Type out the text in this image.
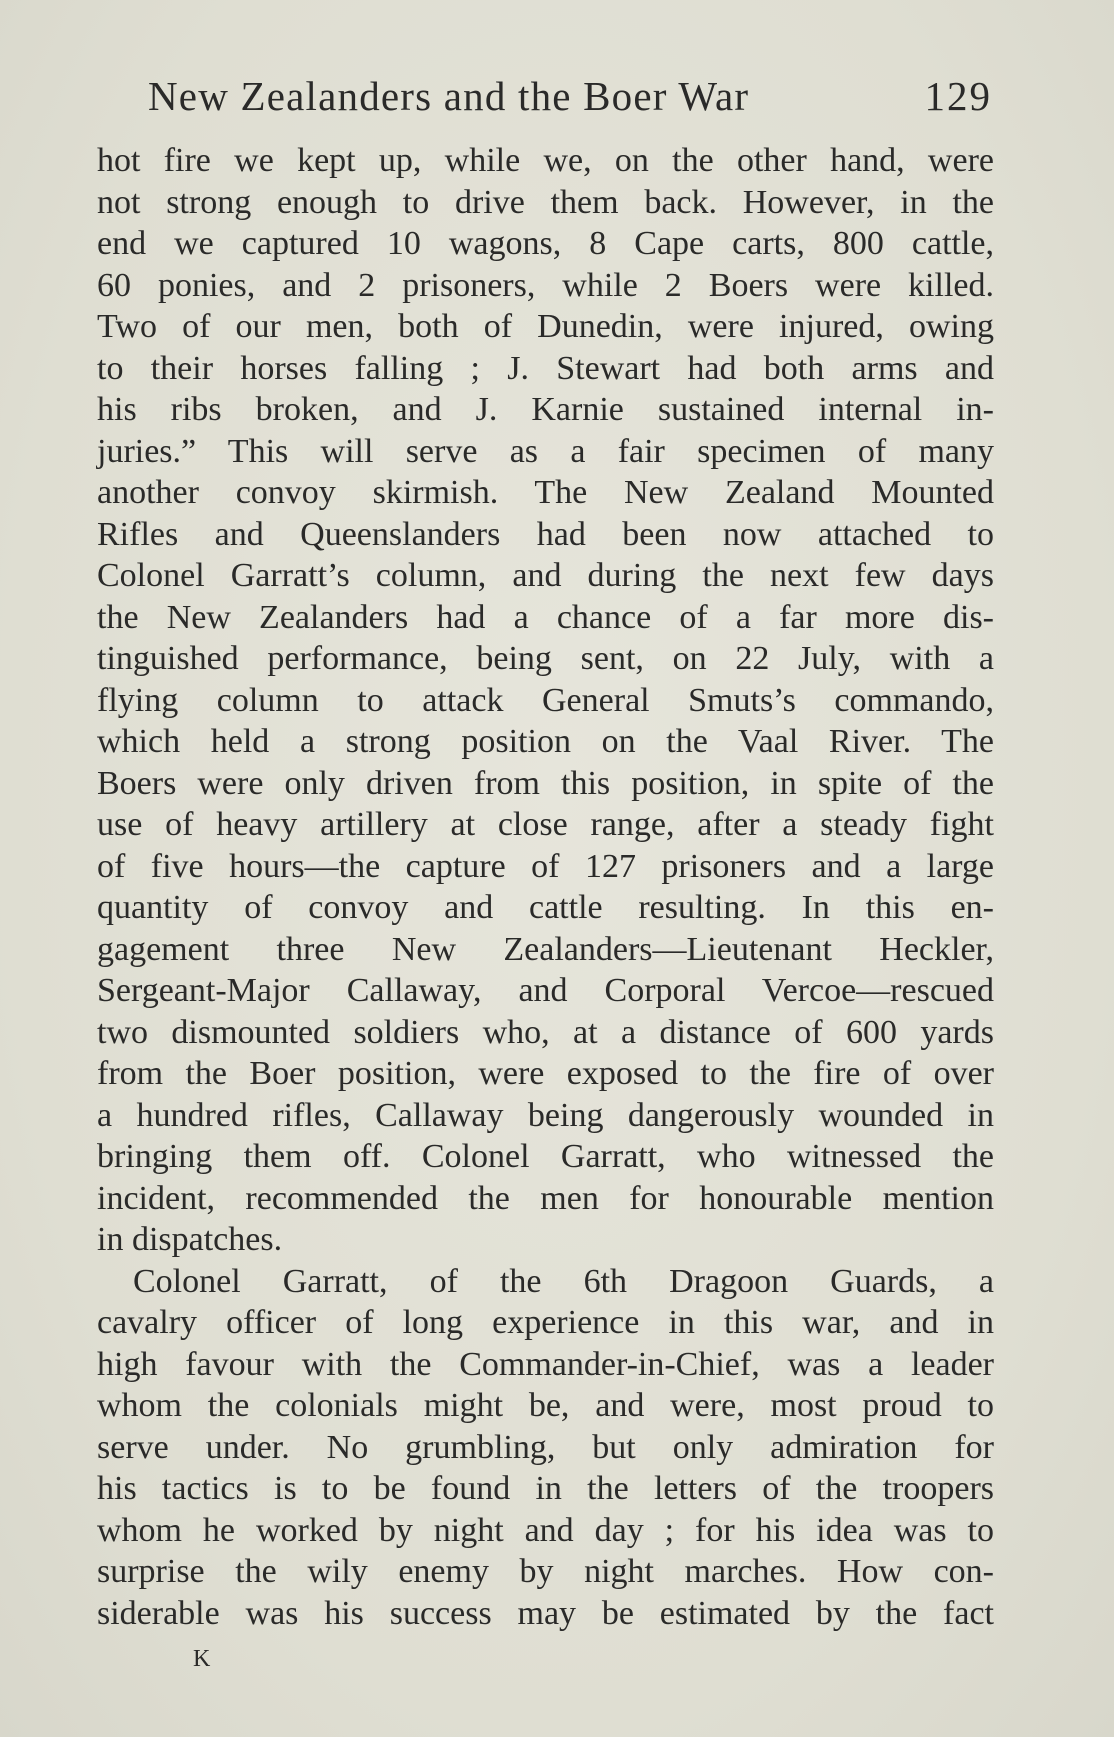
New Zealanders and the Boer War	129
hot fire we kept up, while we, on the other hand, were
not strong enough to drive them back. However, in the
end we captured 10 wagons, 8 Cape carts, 800 cattle,
60 ponies, and 2 prisoners, while 2 Boers were killed.
Two of our men, both of Dunedin, were injured, owing
to their horses falling ; J. Stewart had both arms and
his ribs broken, and J. Karnie sustained internal in-
juries.” This will serve as a fair specimen of many
another convoy skirmish. The New Zealand Mounted
Rifles and Queenslanders had been now attached to
Colonel Garratt’s column, and during the next few days
the New Zealanders had a chance of a far more dis-
tinguished performance, being sent, on 22 July, with a
flying column to attack General Smuts’s commando,
which held a strong position on the Vaal River. The
Boers were only driven from this position, in spite of the
use of heavy artillery at close range, after a steady fight
of five hours—the capture of 127 prisoners and a large
quantity of convoy and cattle resulting. In this en-
gagement three New Zealanders—Lieutenant Heckler,
Sergeant-Major Callaway, and Corporal Vercoe—rescued
two dismounted soldiers who, at a distance of 600 yards
from the Boer position, were exposed to the fire of over
a hundred rifles, Callaway being dangerously wounded in
bringing them off. Colonel Garratt, who witnessed the
incident, recommended the men for honourable mention
in dispatches.
Colonel Garratt, of the 6th Dragoon Guards, a
cavalry officer of long experience in this war, and in
high favour with the Commander-in-Chief, was a leader
whom the colonials might be, and were, most proud to
serve under. No grumbling, but only admiration for
his tactics is to be found in the letters of the troopers
whom he worked by night and day ; for his idea was to
surprise the wily enemy by night marches. How con-
siderable was his success may be estimated by the fact
K
